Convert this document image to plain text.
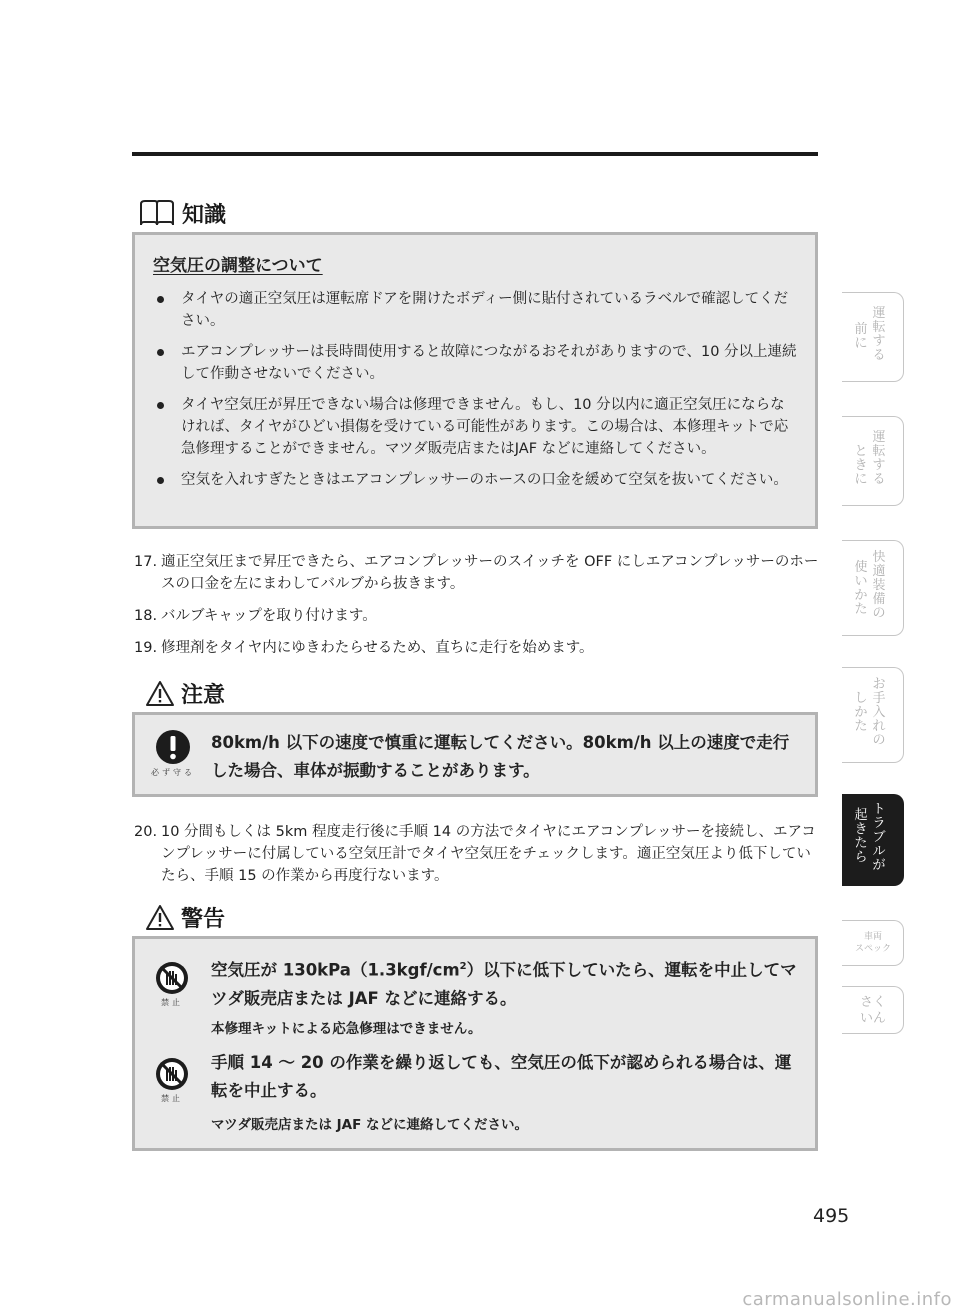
知識
空気圧の調整について
タイヤの適正空気圧は運転席ドアを開けたボディー側に貼付されているラベルで確認してください。
エアコンプレッサーは長時間使用すると故障につながるおそれがありますので、10 分以上連続して作動させないでください。
タイヤ空気圧が昇圧できない場合は修理できません。もし、10 分以内に適正空気圧にならなければ、タイヤがひどい損傷を受けている可能性があります。この場合は、本修理キットで応急修理することができません。マツダ販売店またはJAF などに連絡してください。
空気を入れすぎたときはエアコンプレッサーのホースの口金を緩めて空気を抜いてください。
17. 適正空気圧まで昇圧できたら、エアコンプレッサーのスイッチを OFF にしエアコンプレッサーのホースの口金を左にまわしてバルブから抜きます。
18. バルブキャップを取り付けます。
19. 修理剤をタイヤ内にゆきわたらせるため、直ちに走行を始めます。
注意
必ず守る
80km/h 以下の速度で慎重に運転してください。80km/h 以上の速度で走行した場合、車体が振動することがあります。
20. 10 分間もしくは 5km 程度走行後に手順 14 の方法でタイヤにエアコンプレッサーを接続し、エアコンプレッサーに付属している空気圧計でタイヤ空気圧をチェックします。適正空気圧より低下していたら、手順 15 の作業から再度行ないます。
警告
禁止
空気圧が $130kPa(1.3kgf/cm^2)$以下に低下していたら、運転を中止してマツダ販売店または JAF などに連絡する。
本修理キットによる応急修理はできません。
禁止
手順 14 〜 20 の作業を繰り返しても、空気圧の低下が認められる場合は、運転を中止する。
マツダ販売店または JAF などに連絡してください。
運
転
す
る
前
に
運
転
す
る
と
き
に
快
適
装
備
の
使
い
か
た
お
手
入
れ
の
し
か
た
ト
ラ
ブ
ル
が
起
き
た
ら
車両
スペック
さく
いん
495
carmanualsonline.info
